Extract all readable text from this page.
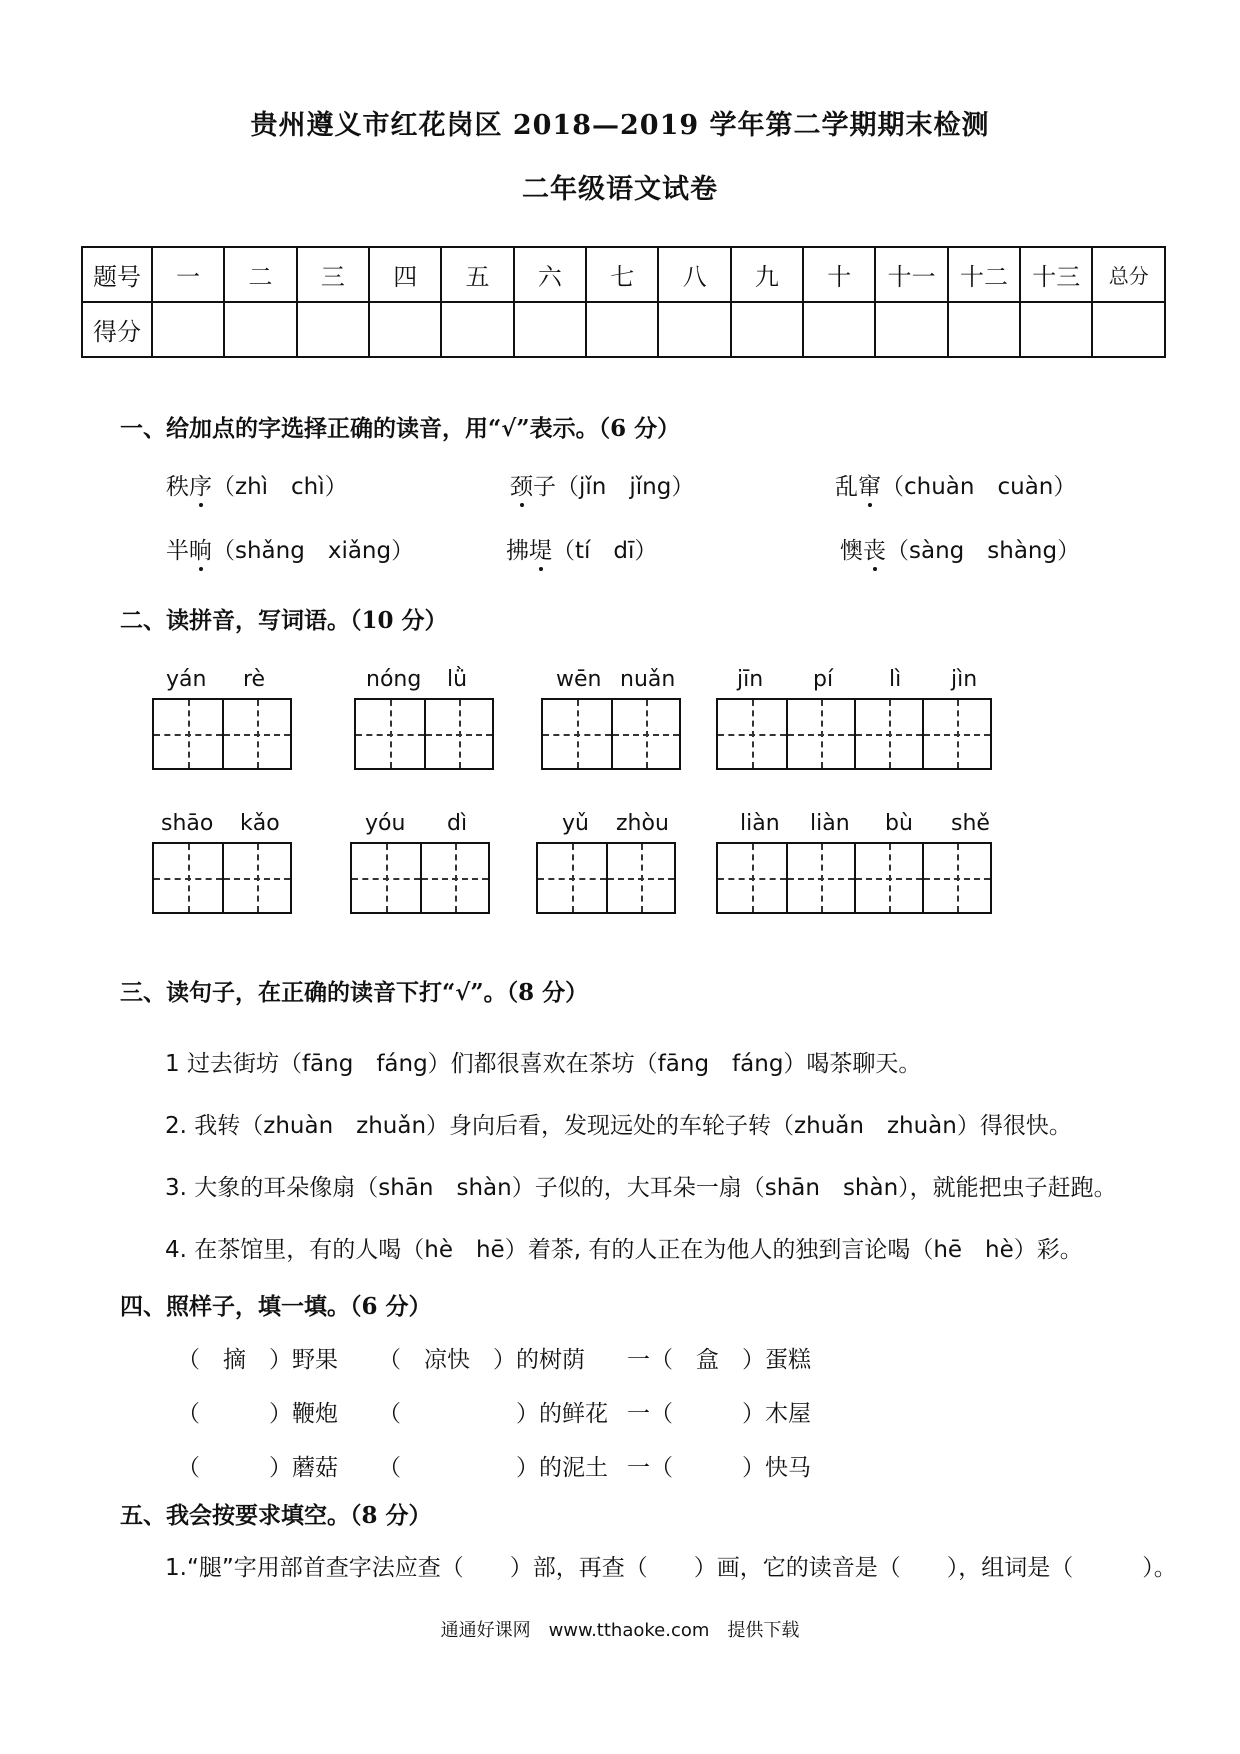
贵州遵义市红花岗区 2018—2019 学年第二学期期末检测
二年级语文试卷
题号	一	二	三	四	五	六	七	八	九	十	十一	十二	十三	总分
得分														
一、给加点的字选择正确的读音，用“√”表示。（6 分）
秩序（zhì　chì）	颈子（jǐn　jǐng）	乱窜（chuàn　cuàn）
半晌（shǎng　xiǎng）	拂堤（tí　dī）	懊丧（sàng　shàng）
二、读拼音，写词语。（10 分）
yán rè	nóng lǜ	wēn nuǎn	jīn pí	lì jìn
shāo kǎo	yóu dì	yǔ zhòu	liàn liàn bù shě
三、读句子，在正确的读音下打“√”。（8 分）
1 过去街坊（fāng　fáng）们都很喜欢在茶坊（fāng　fáng）喝茶聊天。
2. 我转（zhuàn　zhuǎn）身向后看，发现远处的车轮子转（zhuǎn　zhuàn）得很快。
3. 大象的耳朵像扇（shān　shàn）子似的，大耳朵一扇（shān　shàn），就能把虫子赶跑。
4. 在茶馆里，有的人喝（hè　hē）着茶, 有的人正在为他人的独到言论喝（hē　hè）彩。
四、照样子，填一填。（6 分）
（　摘　）野果 （　凉快　）的树荫 一（　盒　）蛋糕
（　　　）鞭炮 （　　　　　）的鲜花 一（　　　）木屋
（　　　）蘑菇 （　　　　　）的泥土 一（　　　）快马
五、我会按要求填空。（8 分）
1.“腿”字用部首查字法应查（　　）部，再查（　　）画，它的读音是（　　），组词是（　　　）。
通通好课网　www.tthaoke.com　提供下载
